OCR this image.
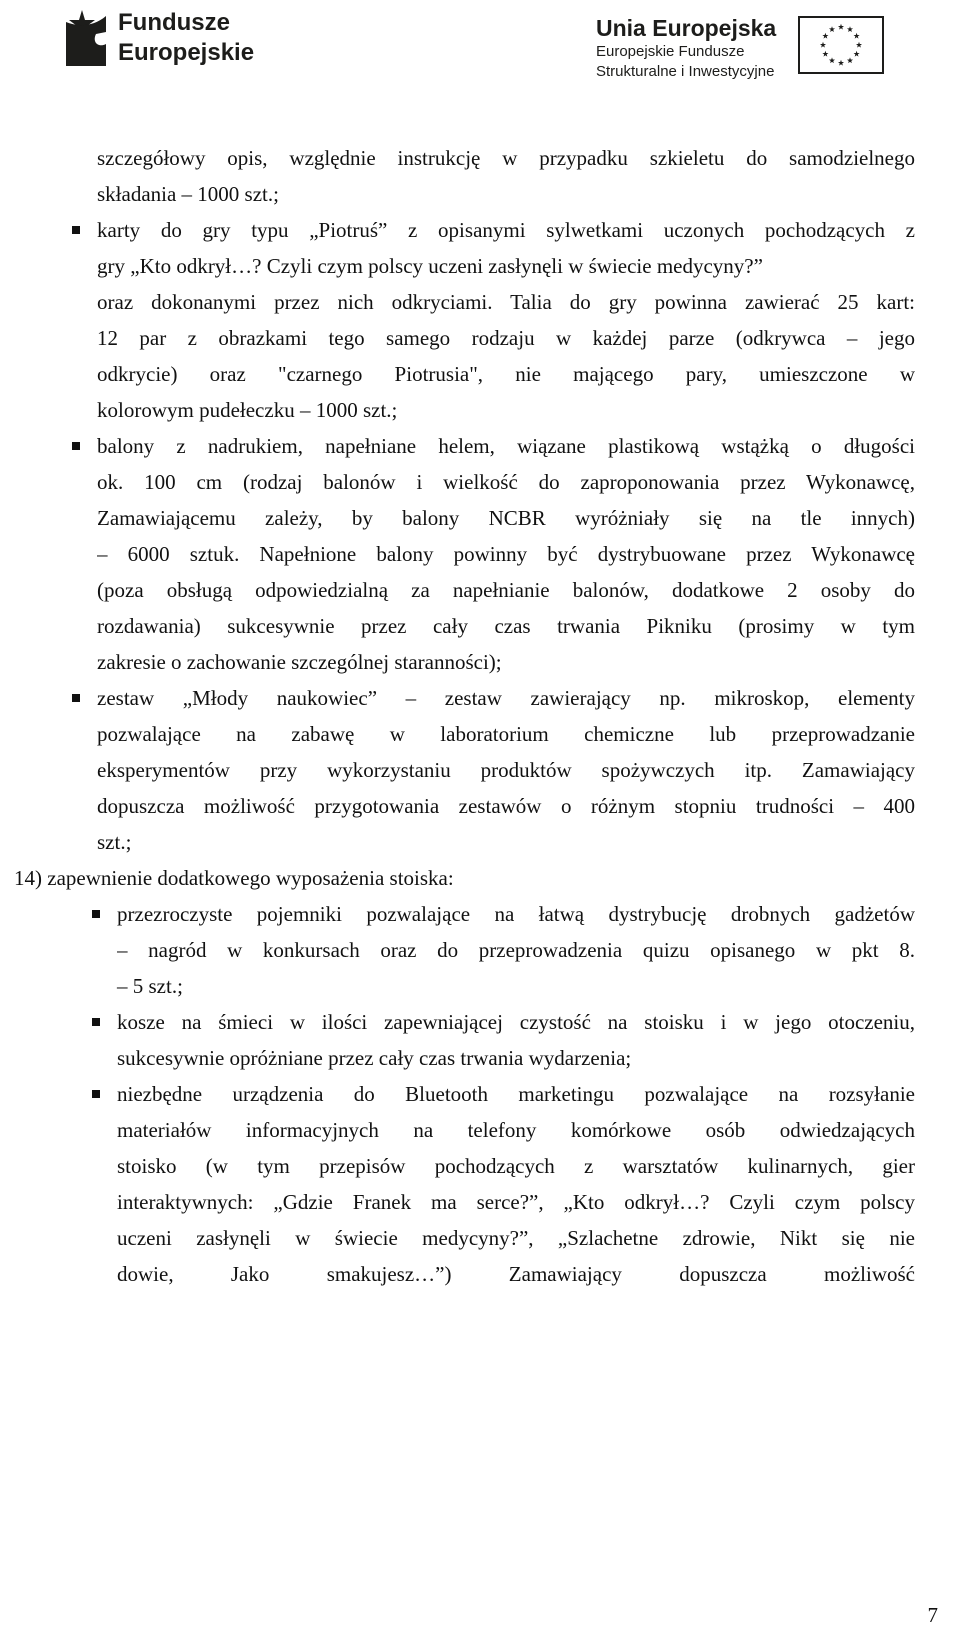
Fundusze
Europejskie
Unia Europejska
Europejskie Fundusze
Strukturalne i Inwestycyjne
szczegółowy opis, względnie instrukcję w przypadku szkieletu do samodzielnego
składania – 1000 szt.;
karty do gry typu „Piotruś” z opisanymi sylwetkami uczonych pochodzących z
gry „Kto odkrył…? Czyli czym polscy uczeni zasłynęli w świecie medycyny?”
oraz dokonanymi przez nich odkryciami. Talia do gry powinna zawierać 25 kart:
12 par z obrazkami tego samego rodzaju w każdej parze (odkrywca – jego
odkrycie) oraz "czarnego Piotrusia", nie mającego pary, umieszczone w
kolorowym pudełeczku – 1000 szt.;
balony z nadrukiem, napełniane helem, wiązane plastikową wstążką o długości
ok. 100 cm (rodzaj balonów i wielkość do zaproponowania przez Wykonawcę,
Zamawiającemu zależy, by balony NCBR wyróżniały się na tle innych)
– 6000 sztuk. Napełnione balony powinny być dystrybuowane przez Wykonawcę
(poza obsługą odpowiedzialną za napełnianie balonów, dodatkowe 2 osoby do
rozdawania) sukcesywnie przez cały czas trwania Pikniku (prosimy w tym
zakresie o zachowanie szczególnej staranności);
zestaw „Młody naukowiec” – zestaw zawierający np. mikroskop, elementy
pozwalające na zabawę w laboratorium chemiczne lub przeprowadzanie
eksperymentów przy wykorzystaniu produktów spożywczych itp. Zamawiający
dopuszcza możliwość przygotowania zestawów o różnym stopniu trudności – 400
szt.;
14) zapewnienie dodatkowego wyposażenia stoiska:
przezroczyste pojemniki pozwalające na łatwą dystrybucję drobnych gadżetów
– nagród w konkursach oraz do przeprowadzenia quizu opisanego w pkt 8.
– 5 szt.;
kosze na śmieci w ilości zapewniającej czystość na stoisku i w jego otoczeniu,
sukcesywnie opróżniane przez cały czas trwania wydarzenia;
niezbędne urządzenia do Bluetooth marketingu pozwalające na rozsyłanie
materiałów informacyjnych na telefony komórkowe osób odwiedzających
stoisko (w tym przepisów pochodzących z warsztatów kulinarnych, gier
interaktywnych: „Gdzie Franek ma serce?”, „Kto odkrył…? Czyli czym polscy
uczeni zasłynęli w świecie medycyny?”, „Szlachetne zdrowie, Nikt się nie
dowie, Jako smakujesz…”) Zamawiający dopuszcza możliwość
7
